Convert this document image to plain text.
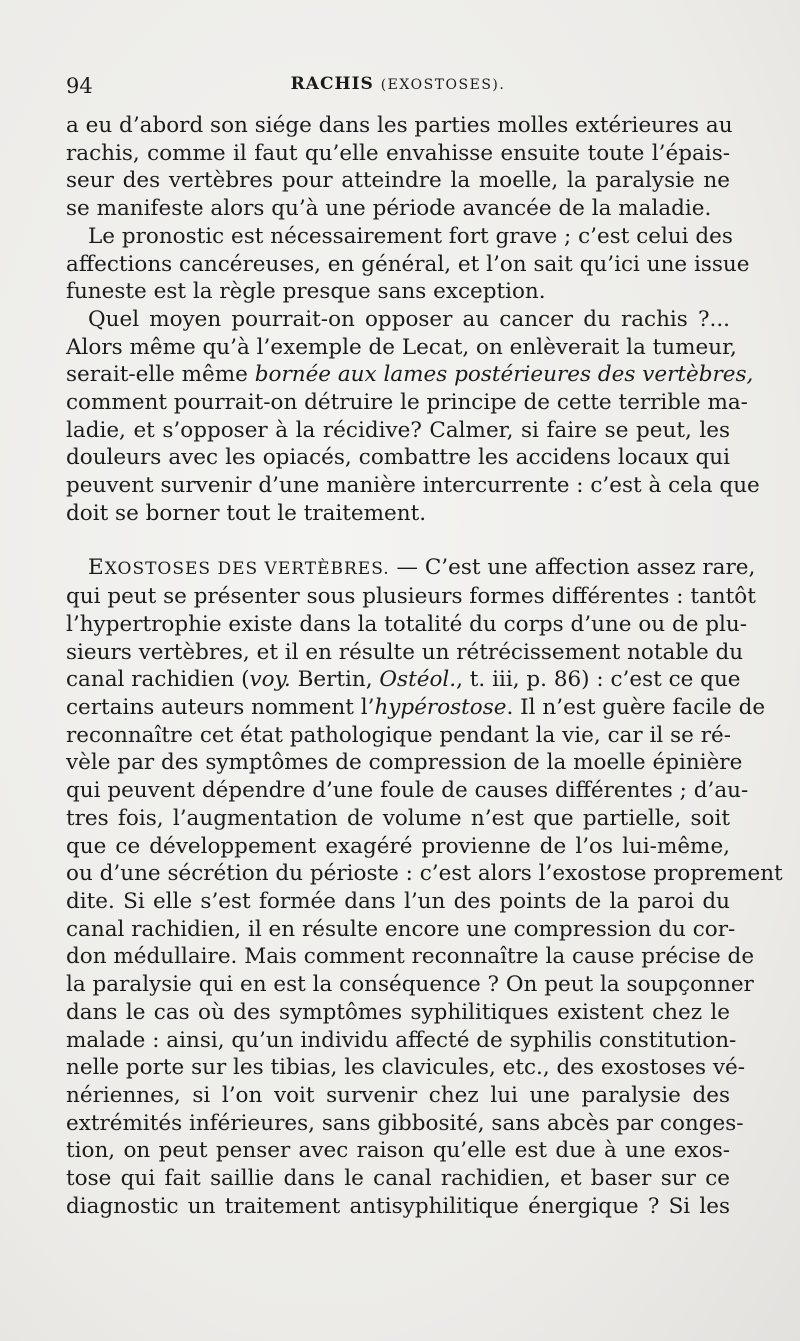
94	RACHIS (EXOSTOSES).

a eu d’abord son siége dans les parties molles extérieures au
rachis, comme il faut qu’elle envahisse ensuite toute l’épais-
seur des vertèbres pour atteindre la moelle, la paralysie ne
se manifeste alors qu’à une période avancée de la maladie.

Le pronostic est nécessairement fort grave ; c’est celui des
affections cancéreuses, en général, et l’on sait qu’ici une issue
funeste est la règle presque sans exception.

Quel moyen pourrait-on opposer au cancer du rachis ?...
Alors même qu’à l’exemple de Lecat, on enlèverait la tumeur,
serait-elle même bornée aux lames postérieures des vertèbres,
comment pourrait-on détruire le principe de cette terrible ma-
ladie, et s’opposer à la récidive? Calmer, si faire se peut, les
douleurs avec les opiacés, combattre les accidens locaux qui
peuvent survenir d’une manière intercurrente : c’est à cela que
doit se borner tout le traitement.

EXOSTOSES DES VERTÈBRES. — C’est une affection assez rare,
qui peut se présenter sous plusieurs formes différentes : tantôt
l’hypertrophie existe dans la totalité du corps d’une ou de plu-
sieurs vertèbres, et il en résulte un rétrécissement notable du
canal rachidien (voy. Bertin, Ostéol., t. iii, p. 86) : c’est ce que
certains auteurs nomment l’hypérostose. Il n’est guère facile de
reconnaître cet état pathologique pendant la vie, car il se ré-
vèle par des symptômes de compression de la moelle épinière
qui peuvent dépendre d’une foule de causes différentes ; d’au-
tres fois, l’augmentation de volume n’est que partielle, soit
que ce développement exagéré provienne de l’os lui-même,
ou d’une sécrétion du périoste : c’est alors l’exostose proprement
dite. Si elle s’est formée dans l’un des points de la paroi du
canal rachidien, il en résulte encore une compression du cor-
don médullaire. Mais comment reconnaître la cause précise de
la paralysie qui en est la conséquence ? On peut la soupçonner
dans le cas où des symptômes syphilitiques existent chez le
malade : ainsi, qu’un individu affecté de syphilis constitution-
nelle porte sur les tibias, les clavicules, etc., des exostoses vé-
nériennes, si l’on voit survenir chez lui une paralysie des
extrémités inférieures, sans gibbosité, sans abcès par conges-
tion, on peut penser avec raison qu’elle est due à une exos-
tose qui fait saillie dans le canal rachidien, et baser sur ce
diagnostic un traitement antisyphilitique énergique ? Si les
